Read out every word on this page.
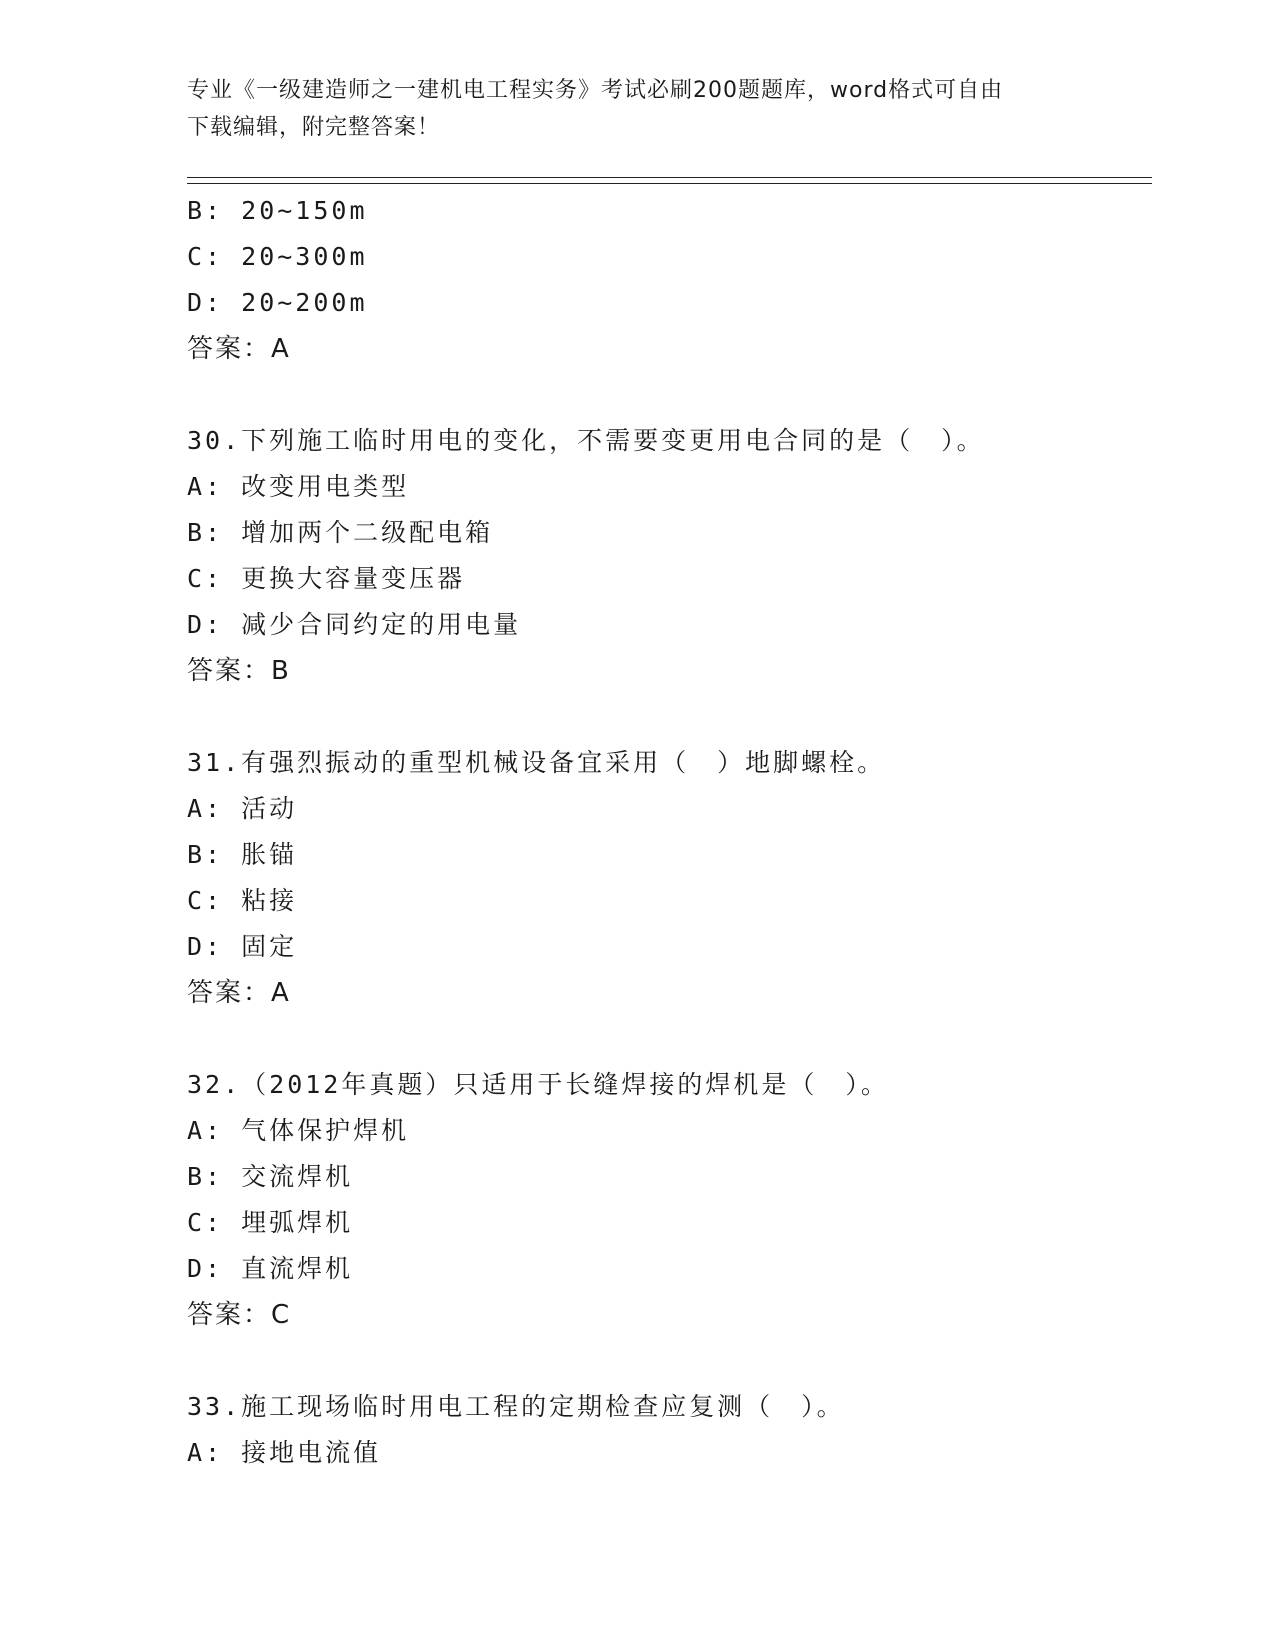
专业《一级建造师之一建机电工程实务》考试必刷200题题库，word格式可自由
下载编辑，附完整答案！
B: 20~150m
C: 20~300m
D: 20~200m
答案：A
30.下列施工临时用电的变化，不需要变更用电合同的是（　）。
A: 改变用电类型
B: 增加两个二级配电箱
C: 更换大容量变压器
D: 减少合同约定的用电量
答案：B
31.有强烈振动的重型机械设备宜采用（　）地脚螺栓。
A: 活动
B: 胀锚
C: 粘接
D: 固定
答案：A
32.（2012年真题）只适用于长缝焊接的焊机是（　）。
A: 气体保护焊机
B: 交流焊机
C: 埋弧焊机
D: 直流焊机
答案：C
33.施工现场临时用电工程的定期检查应复测（　）。
A: 接地电流值
